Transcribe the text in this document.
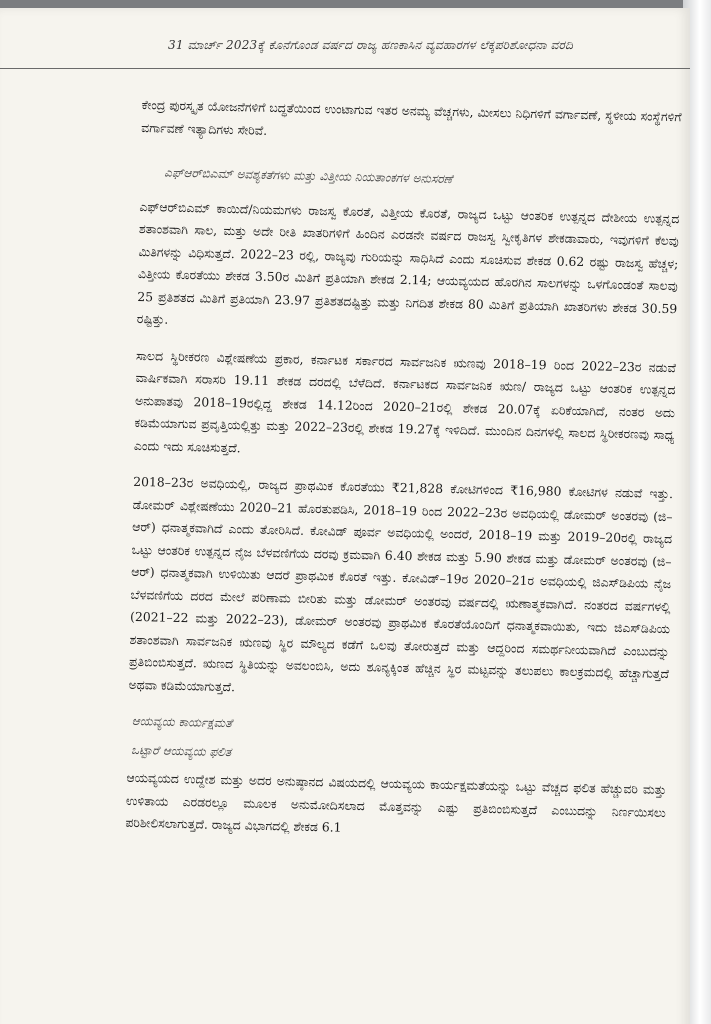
31 ಮಾರ್ಚ್ 2023ಕ್ಕೆ ಕೊನೆಗೊಂಡ ವರ್ಷದ ರಾಜ್ಯ ಹಣಕಾಸಿನ ವ್ಯವಹಾರಗಳ ಲೆಕ್ಕಪರಿಶೋಧನಾ ವರದಿ

ಕೇಂದ್ರ ಪುರಸ್ಕೃತ ಯೋಜನೆಗಳಿಗೆ ಬದ್ಧತೆಯಿಂದ ಉಂಟಾಗುವ ಇತರ ಅನಮ್ಯ ವೆಚ್ಚಗಳು, ಮೀಸಲು ನಿಧಿಗಳಿಗೆ ವರ್ಗಾವಣೆ, ಸ್ಥಳೀಯ ಸಂಸ್ಥೆಗಳಿಗೆ ವರ್ಗಾವಣೆ ಇತ್ಯಾದಿಗಳು ಸೇರಿವೆ.

ಎಫ್‌ಆರ್‌ಬಿಎಮ್ ಅವಶ್ಯಕತೆಗಳು ಮತ್ತು ವಿತ್ತೀಯ ನಿಯತಾಂಕಗಳ ಅನುಸರಣೆ

ಎಫ್‌ಆರ್‌ಬಿಎಮ್ ಕಾಯಿದೆ/ನಿಯಮಗಳು ರಾಜಸ್ವ ಕೊರತೆ, ವಿತ್ತೀಯ ಕೊರತೆ, ರಾಜ್ಯದ ಒಟ್ಟು ಆಂತರಿಕ ಉತ್ಪನ್ನದ ದೇಶೀಯ ಉತ್ಪನ್ನದ ಶತಾಂಶವಾಗಿ ಸಾಲ, ಮತ್ತು ಅದೇ ರೀತಿ ಖಾತರಿಗಳಿಗೆ ಹಿಂದಿನ ಎರಡನೇ ವರ್ಷದ ರಾಜಸ್ವ ಸ್ವೀಕೃತಿಗಳ ಶೇಕಡಾವಾರು, ಇವುಗಳಿಗೆ ಕೆಲವು ಮಿತಿಗಳನ್ನು ವಿಧಿಸುತ್ತದೆ. 2022–23 ರಲ್ಲಿ, ರಾಜ್ಯವು ಗುರಿಯನ್ನು ಸಾಧಿಸಿದೆ ಎಂದು ಸೂಚಿಸುವ ಶೇಕಡ 0.62 ರಷ್ಟು ರಾಜಸ್ವ ಹೆಚ್ಚಳ; ವಿತ್ತೀಯ ಕೊರತೆಯು ಶೇಕಡ 3.50ರ ಮಿತಿಗೆ ಪ್ರತಿಯಾಗಿ ಶೇಕಡ 2.14; ಆಯವ್ಯಯದ ಹೊರಗಿನ ಸಾಲಗಳನ್ನು ಒಳಗೊಂಡಂತೆ ಸಾಲವು 25 ಪ್ರತಿಶತದ ಮಿತಿಗೆ ಪ್ರತಿಯಾಗಿ 23.97 ಪ್ರತಿಶತದಷ್ಟಿತ್ತು ಮತ್ತು ನಿಗದಿತ ಶೇಕಡ 80 ಮಿತಿಗೆ ಪ್ರತಿಯಾಗಿ ಖಾತರಿಗಳು ಶೇಕಡ 30.59 ರಷ್ಟಿತ್ತು.

ಸಾಲದ ಸ್ಥಿರೀಕರಣ ವಿಶ್ಲೇಷಣೆಯ ಪ್ರಕಾರ, ಕರ್ನಾಟಕ ಸರ್ಕಾರದ ಸಾರ್ವಜನಿಕ ಋಣವು 2018–19 ರಿಂದ 2022–23ರ ನಡುವೆ ವಾರ್ಷಿಕವಾಗಿ ಸರಾಸರಿ 19.11 ಶೇಕಡ ದರದಲ್ಲಿ ಬೆಳೆದಿದೆ. ಕರ್ನಾಟಕದ ಸಾರ್ವಜನಿಕ ಋಣ/ ರಾಜ್ಯದ ಒಟ್ಟು ಆಂತರಿಕ ಉತ್ಪನ್ನದ ಅನುಪಾತವು 2018–19ರಲ್ಲಿದ್ದ ಶೇಕಡ 14.12ರಿಂದ 2020–21ರಲ್ಲಿ ಶೇಕಡ 20.07ಕ್ಕೆ ಏರಿಕೆಯಾಗಿದೆ, ನಂತರ ಅದು ಕಡಿಮೆಯಾಗುವ ಪ್ರವೃತ್ತಿಯಲ್ಲಿತ್ತು ಮತ್ತು 2022–23ರಲ್ಲಿ ಶೇಕಡ 19.27ಕ್ಕೆ ಇಳಿದಿದೆ. ಮುಂದಿನ ದಿನಗಳಲ್ಲಿ ಸಾಲದ ಸ್ಥಿರೀಕರಣವು ಸಾಧ್ಯ ಎಂದು ಇದು ಸೂಚಿಸುತ್ತದೆ.

2018–23ರ ಅವಧಿಯಲ್ಲಿ, ರಾಜ್ಯದ ಪ್ರಾಥಮಿಕ ಕೊರತೆಯು ₹21,828 ಕೋಟಿಗಳಿಂದ ₹16,980 ಕೋಟಿಗಳ ನಡುವೆ ಇತ್ತು. ಡೋಮರ್ ವಿಶ್ಲೇಷಣೆಯು 2020–21 ಹೊರತುಪಡಿಸಿ, 2018–19 ರಿಂದ 2022–23ರ ಅವಧಿಯಲ್ಲಿ ಡೋಮರ್ ಅಂತರವು (ಜಿ–ಆರ್) ಧನಾತ್ಮಕವಾಗಿದೆ ಎಂದು ತೋರಿಸಿದೆ. ಕೋವಿಡ್ ಪೂರ್ವ ಅವಧಿಯಲ್ಲಿ ಅಂದರೆ, 2018–19 ಮತ್ತು 2019–20ರಲ್ಲಿ ರಾಜ್ಯದ ಒಟ್ಟು ಆಂತರಿಕ ಉತ್ಪನ್ನದ ನೈಜ ಬೆಳವಣಿಗೆಯ ದರವು ಕ್ರಮವಾಗಿ 6.40 ಶೇಕಡ ಮತ್ತು 5.90 ಶೇಕಡ ಮತ್ತು ಡೋಮರ್ ಅಂತರವು (ಜಿ–ಆರ್) ಧನಾತ್ಮಕವಾಗಿ ಉಳಿಯಿತು ಆದರೆ ಪ್ರಾಥಮಿಕ ಕೊರತೆ ಇತ್ತು. ಕೋವಿಡ್–19ರ 2020–21ರ ಅವಧಿಯಲ್ಲಿ ಜಿಎಸ್‌ಡಿಪಿಯ ನೈಜ ಬೆಳವಣಿಗೆಯ ದರದ ಮೇಲೆ ಪರಿಣಾಮ ಬೀರಿತು ಮತ್ತು ಡೋಮರ್ ಅಂತರವು ವರ್ಷದಲ್ಲಿ ಋಣಾತ್ಮಕವಾಗಿದೆ. ನಂತರದ ವರ್ಷಗಳಲ್ಲಿ (2021–22 ಮತ್ತು 2022–23), ಡೋಮರ್ ಅಂತರವು ಪ್ರಾಥಮಿಕ ಕೊರತೆಯೊಂದಿಗೆ ಧನಾತ್ಮಕವಾಯಿತು, ಇದು ಜಿಎಸ್‌ಡಿಪಿಯ ಶತಾಂಶವಾಗಿ ಸಾರ್ವಜನಿಕ ಋಣವು ಸ್ಥಿರ ಮೌಲ್ಯದ ಕಡೆಗೆ ಒಲವು ತೋರುತ್ತದೆ ಮತ್ತು ಆದ್ದರಿಂದ ಸಮರ್ಥನೀಯವಾಗಿದೆ ಎಂಬುದನ್ನು ಪ್ರತಿಬಿಂಬಿಸುತ್ತದೆ. ಋಣದ ಸ್ಥಿತಿಯನ್ನು ಅವಲಂಬಿಸಿ, ಅದು ಶೂನ್ಯಕ್ಕಿಂತ ಹೆಚ್ಚಿನ ಸ್ಥಿರ ಮಟ್ಟವನ್ನು ತಲುಪಲು ಕಾಲಕ್ರಮದಲ್ಲಿ ಹೆಚ್ಚಾಗುತ್ತದೆ ಅಥವಾ ಕಡಿಮೆಯಾಗುತ್ತದೆ.

ಆಯವ್ಯಯ ಕಾರ್ಯಕ್ಷಮತೆ
ಒಟ್ಟಾರೆ ಆಯವ್ಯಯ ಫಲಿತ

ಆಯವ್ಯಯದ ಉದ್ದೇಶ ಮತ್ತು ಅದರ ಅನುಷ್ಠಾನದ ವಿಷಯದಲ್ಲಿ ಆಯವ್ಯಯ ಕಾರ್ಯಕ್ಷಮತೆಯನ್ನು ಒಟ್ಟು ವೆಚ್ಚದ ಫಲಿತ ಹೆಚ್ಚುವರಿ ಮತ್ತು ಉಳಿತಾಯ ಎರಡರಲ್ಲೂ ಮೂಲಕ ಅನುಮೋದಿಸಲಾದ ಮೊತ್ತವನ್ನು ಎಷ್ಟು ಪ್ರತಿಬಿಂಬಿಸುತ್ತದೆ ಎಂಬುದನ್ನು ನಿರ್ಣಯಿಸಲು ಪರಿಶೀಲಿಸಲಾಗುತ್ತದೆ. ರಾಜ್ಯದ ವಿಭಾಗದಲ್ಲಿ ಶೇಕಡ 6.1
